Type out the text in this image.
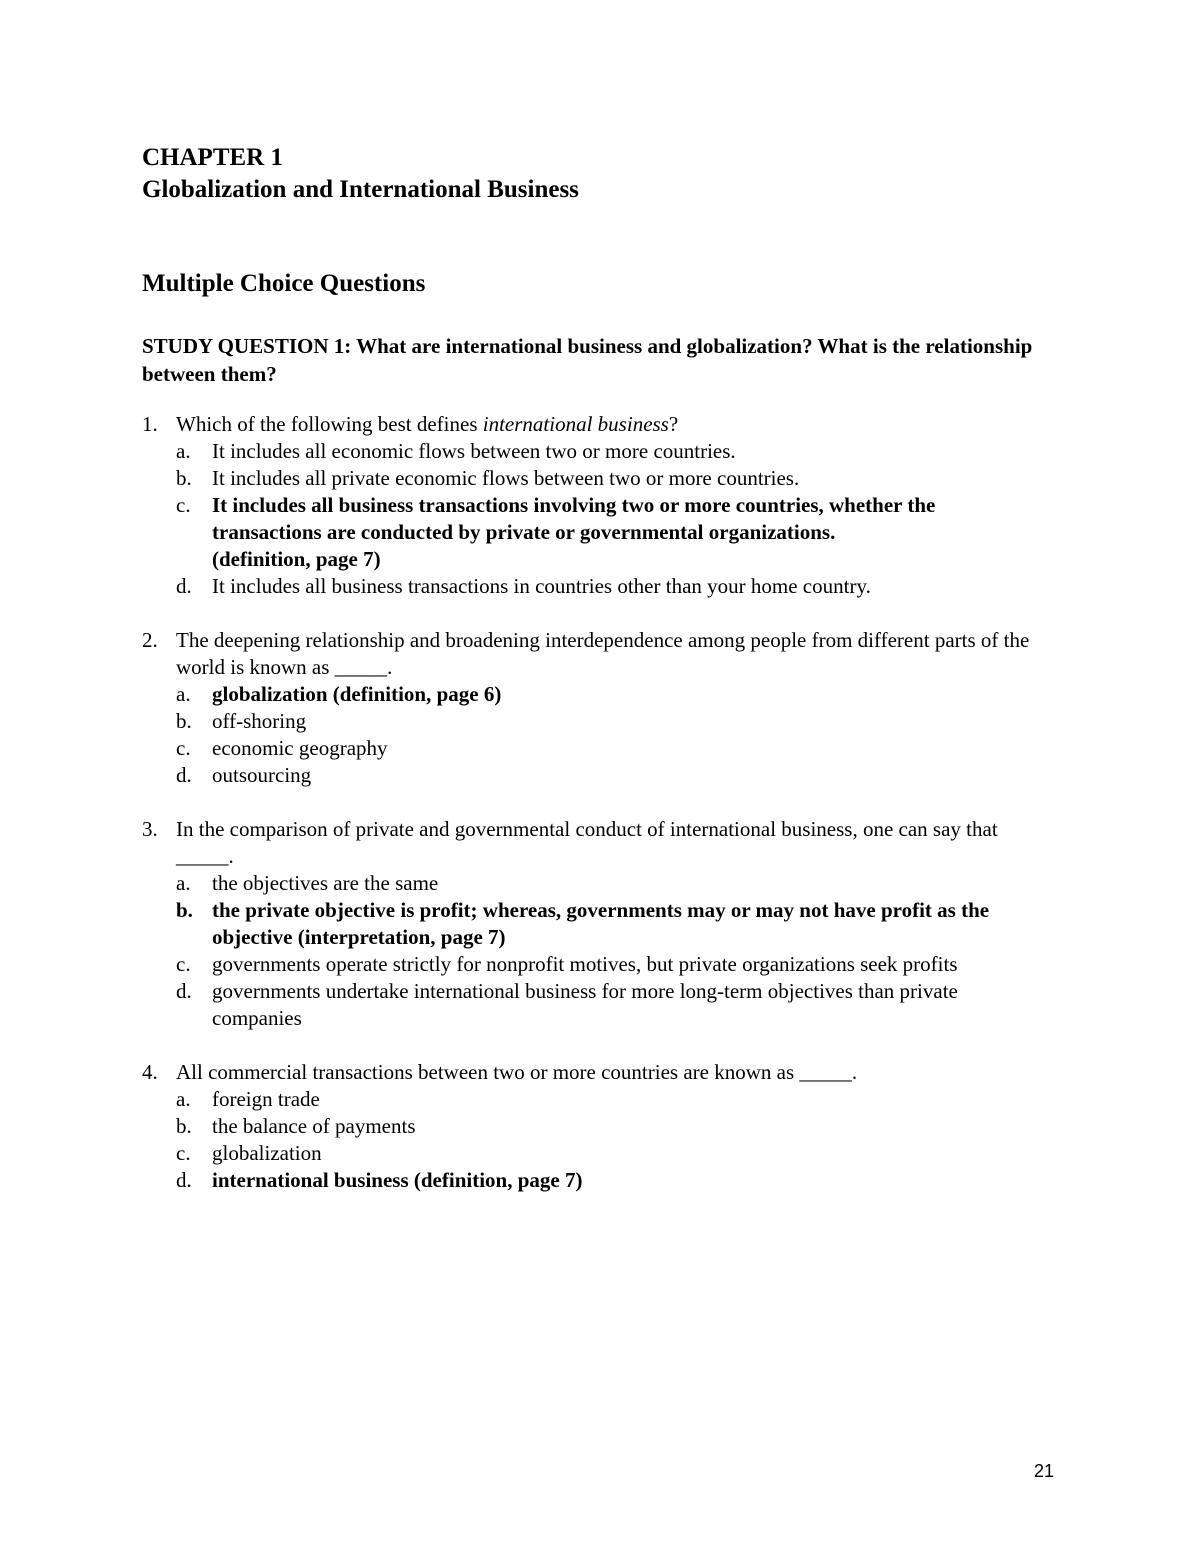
CHAPTER 1
Globalization and International Business
Multiple Choice Questions
STUDY QUESTION 1: What are international business and globalization? What is the relationship between them?
1. Which of the following best defines international business?
a.	It includes all economic flows between two or more countries.
b. It includes all private economic flows between two or more countries.
c.	It includes all business transactions involving two or more countries, whether the transactions are conducted by private or governmental organizations.
(definition, page 7)
d. It includes all business transactions in countries other than your home country.
2. The deepening relationship and broadening interdependence among people from different parts of the world is known as _____.
a.	globalization (definition, page 6)
b. off-shoring
c.	economic geography
d. outsourcing
3. In the comparison of private and governmental conduct of international business, one can say that _____.
a.	the objectives are the same
b. the private objective is profit; whereas, governments may or may not have profit as the objective (interpretation, page 7)
c.	governments operate strictly for nonprofit motives, but private organizations seek profits
d. governments undertake international business for more long-term objectives than private companies
4. All commercial transactions between two or more countries are known as _____.
a.	foreign trade
b. the balance of payments
c.	globalization
d. international business (definition, page 7)
21
